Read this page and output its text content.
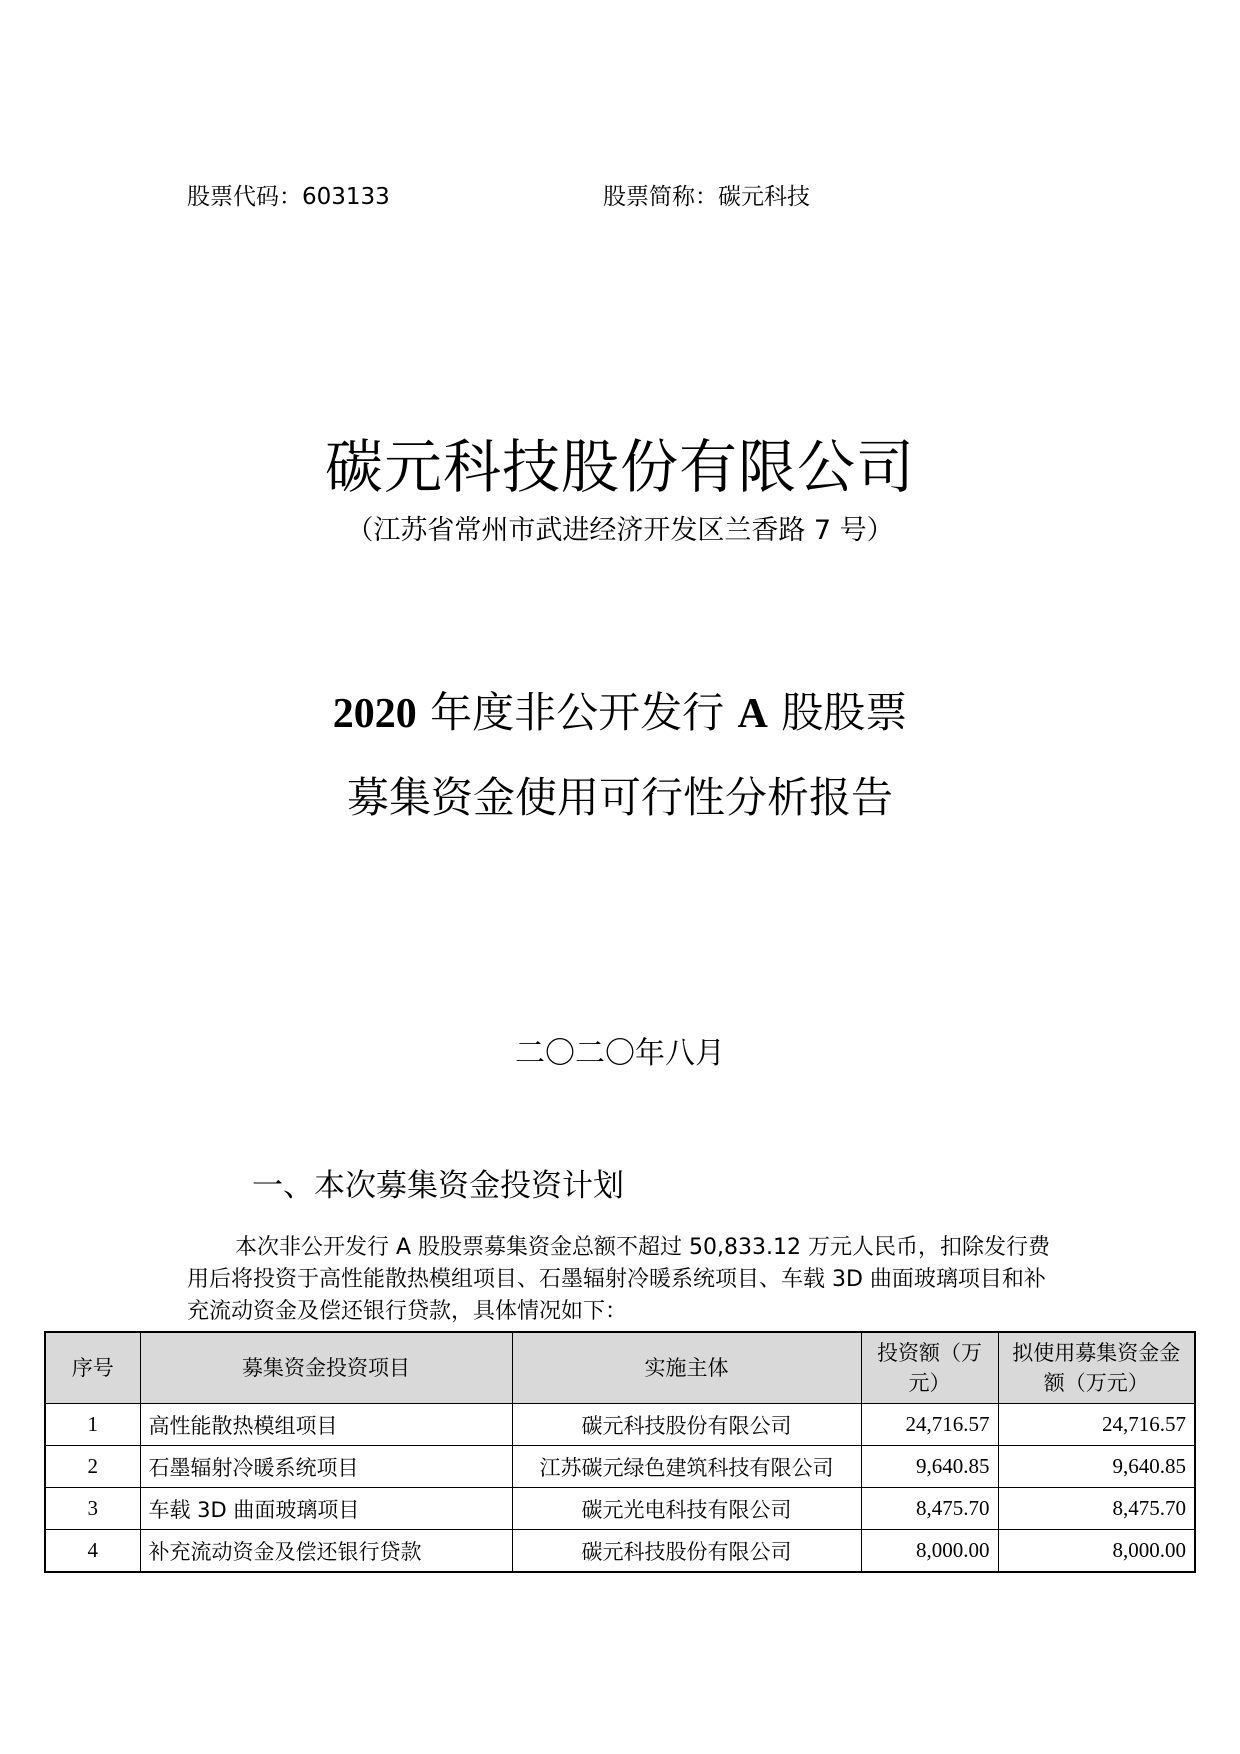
股票代码：603133	股票简称：碳元科技
碳元科技股份有限公司
（江苏省常州市武进经济开发区兰香路 7 号）
2020 年度非公开发行 A 股股票
募集资金使用可行性分析报告
二〇二〇年八月
一、本次募集资金投资计划
本次非公开发行 A 股股票募集资金总额不超过 50,833.12 万元人民币，扣除发行费用后将投资于高性能散热模组项目、石墨辐射冷暖系统项目、车载 3D 曲面玻璃项目和补充流动资金及偿还银行贷款，具体情况如下：
序号	募集资金投资项目	实施主体	投资额（万元）	拟使用募集资金金额（万元）
1	高性能散热模组项目	碳元科技股份有限公司	24,716.57	24,716.57
2	石墨辐射冷暖系统项目	江苏碳元绿色建筑科技有限公司	9,640.85	9,640.85
3	车载 3D 曲面玻璃项目	碳元光电科技有限公司	8,475.70	8,475.70
4	补充流动资金及偿还银行贷款	碳元科技股份有限公司	8,000.00	8,000.00
